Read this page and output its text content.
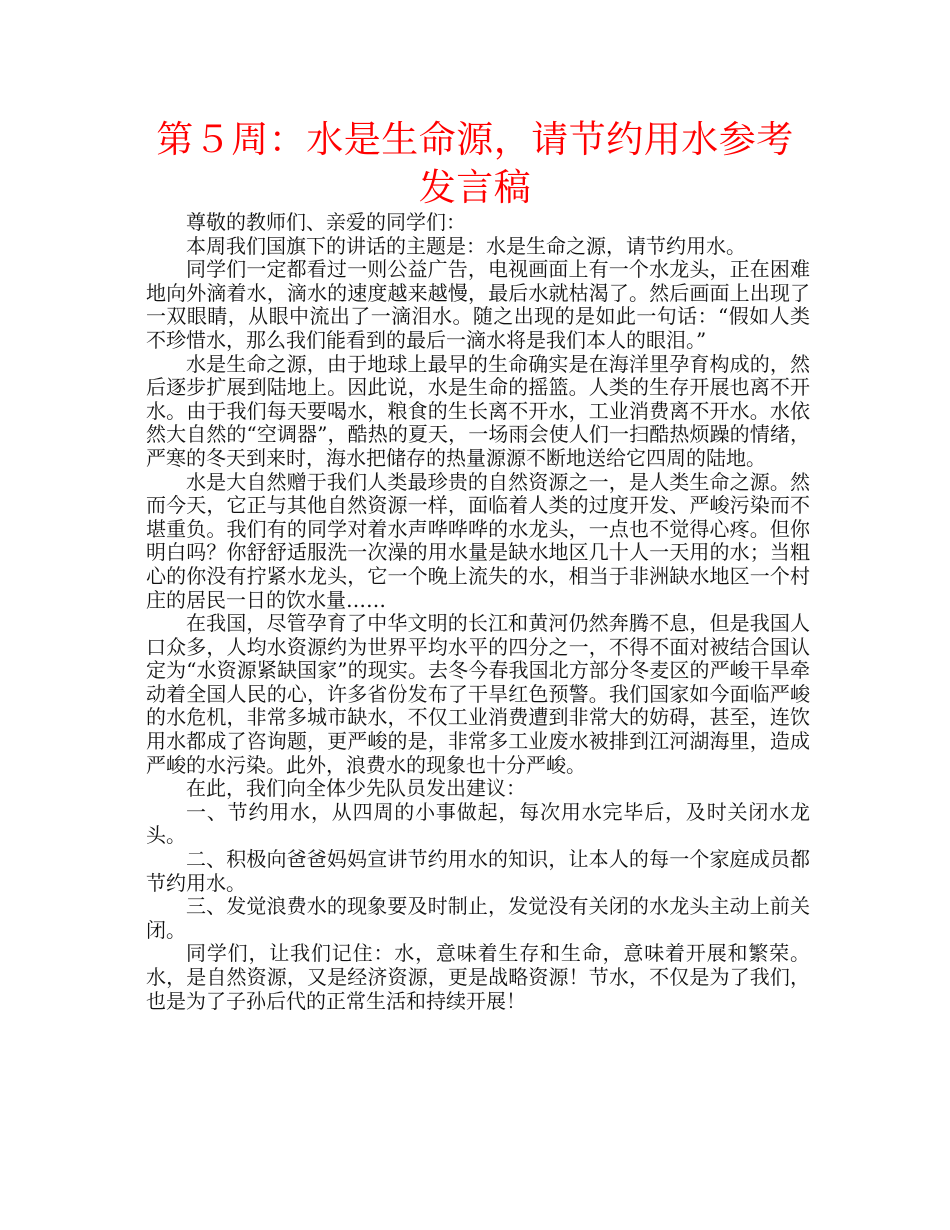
第５周：水是生命源，请节约用水参考发言稿

尊敬的教师们、亲爱的同学们：

本周我们国旗下的讲话的主题是：水是生命之源，请节约用水。

同学们一定都看过一则公益广告，电视画面上有一个水龙头，正在困难地向外滴着水，滴水的速度越来越慢，最后水就枯渴了。然后画面上出现了一双眼睛，从眼中流出了一滴泪水。随之出现的是如此一句话：“假如人类不珍惜水，那么我们能看到的最后一滴水将是我们本人的眼泪。”

水是生命之源，由于地球上最早的生命确实是在海洋里孕育构成的，然后逐步扩展到陆地上。因此说，水是生命的摇篮。人类的生存开展也离不开水。由于我们每天要喝水，粮食的生长离不开水，工业消费离不开水。水依然大自然的“空调器”，酷热的夏天，一场雨会使人们一扫酷热烦躁的情绪，严寒的冬天到来时，海水把储存的热量源源不断地送给它四周的陆地。

水是大自然赠于我们人类最珍贵的自然资源之一，是人类生命之源。然而今天，它正与其他自然资源一样，面临着人类的过度开发、严峻污染而不堪重负。我们有的同学对着水声哗哗哗的水龙头，一点也不觉得心疼。但你明白吗？你舒舒适服洗一次澡的用水量是缺水地区几十人一天用的水；当粗心的你没有拧紧水龙头，它一个晚上流失的水，相当于非洲缺水地区一个村庄的居民一日的饮水量……

在我国，尽管孕育了中华文明的长江和黄河仍然奔腾不息，但是我国人口众多，人均水资源约为世界平均水平的四分之一，不得不面对被结合国认定为“水资源紧缺国家”的现实。去冬今春我国北方部分冬麦区的严峻干旱牵动着全国人民的心，许多省份发布了干旱红色预警。我们国家如今面临严峻的水危机，非常多城市缺水，不仅工业消费遭到非常大的妨碍，甚至，连饮用水都成了咨询题，更严峻的是，非常多工业废水被排到江河湖海里，造成严峻的水污染。此外，浪费水的现象也十分严峻。

在此，我们向全体少先队员发出建议：

一、节约用水，从四周的小事做起，每次用水完毕后，及时关闭水龙头。

二、积极向爸爸妈妈宣讲节约用水的知识，让本人的每一个家庭成员都节约用水。

三、发觉浪费水的现象要及时制止，发觉没有关闭的水龙头主动上前关闭。

同学们，让我们记住：水，意味着生存和生命，意味着开展和繁荣。水，是自然资源，又是经济资源，更是战略资源！节水，不仅是为了我们，也是为了子孙后代的正常生活和持续开展！
